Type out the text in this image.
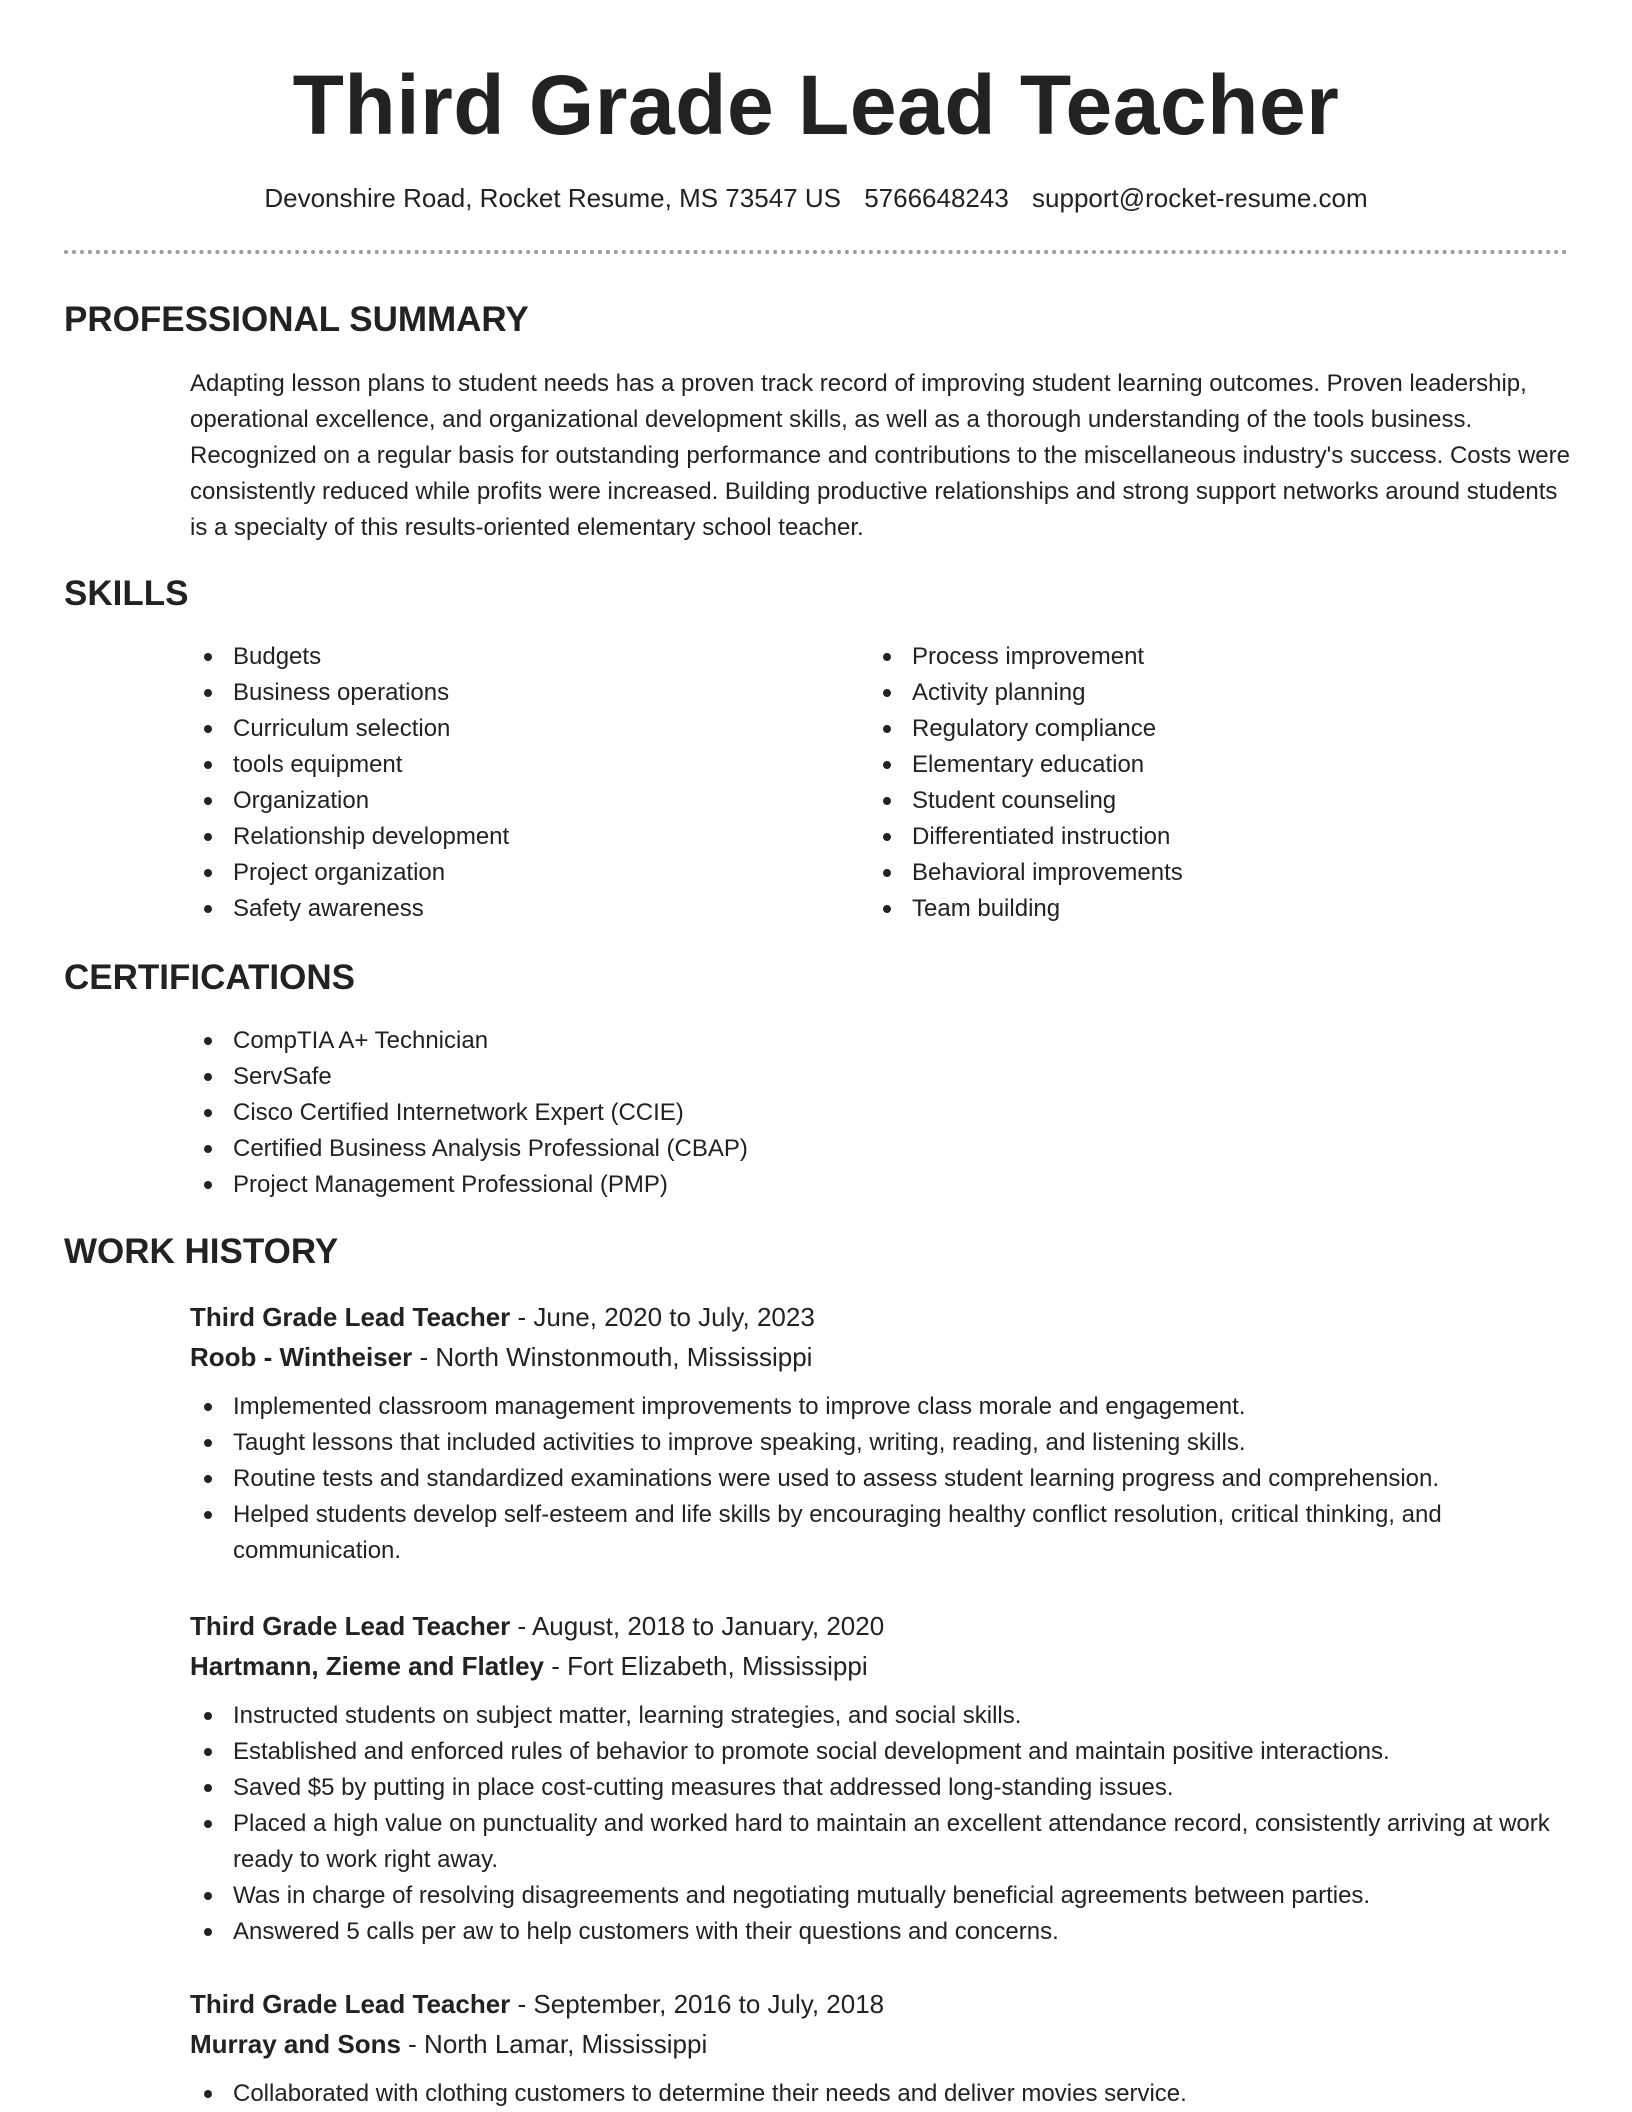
Third Grade Lead Teacher
Devonshire Road, Rocket Resume, MS 73547 US 5766648243 support@rocket-resume.com
PROFESSIONAL SUMMARY
Adapting lesson plans to student needs has a proven track record of improving student learning outcomes. Proven leadership, operational excellence, and organizational development skills, as well as a thorough understanding of the tools business. Recognized on a regular basis for outstanding performance and contributions to the miscellaneous industry's success. Costs were consistently reduced while profits were increased. Building productive relationships and strong support networks around students is a specialty of this results-oriented elementary school teacher.
SKILLS
Budgets
Business operations
Curriculum selection
tools equipment
Organization
Relationship development
Project organization
Safety awareness
Process improvement
Activity planning
Regulatory compliance
Elementary education
Student counseling
Differentiated instruction
Behavioral improvements
Team building
CERTIFICATIONS
CompTIA A+ Technician
ServSafe
Cisco Certified Internetwork Expert (CCIE)
Certified Business Analysis Professional (CBAP)
Project Management Professional (PMP)
WORK HISTORY
Third Grade Lead Teacher - June, 2020 to July, 2023
Roob - Wintheiser - North Winstonmouth, Mississippi
Implemented classroom management improvements to improve class morale and engagement.
Taught lessons that included activities to improve speaking, writing, reading, and listening skills.
Routine tests and standardized examinations were used to assess student learning progress and comprehension.
Helped students develop self-esteem and life skills by encouraging healthy conflict resolution, critical thinking, and communication.
Third Grade Lead Teacher - August, 2018 to January, 2020
Hartmann, Zieme and Flatley - Fort Elizabeth, Mississippi
Instructed students on subject matter, learning strategies, and social skills.
Established and enforced rules of behavior to promote social development and maintain positive interactions.
Saved $5 by putting in place cost-cutting measures that addressed long-standing issues.
Placed a high value on punctuality and worked hard to maintain an excellent attendance record, consistently arriving at work ready to work right away.
Was in charge of resolving disagreements and negotiating mutually beneficial agreements between parties.
Answered 5 calls per aw to help customers with their questions and concerns.
Third Grade Lead Teacher - September, 2016 to July, 2018
Murray and Sons - North Lamar, Mississippi
Collaborated with clothing customers to determine their needs and deliver movies service.
